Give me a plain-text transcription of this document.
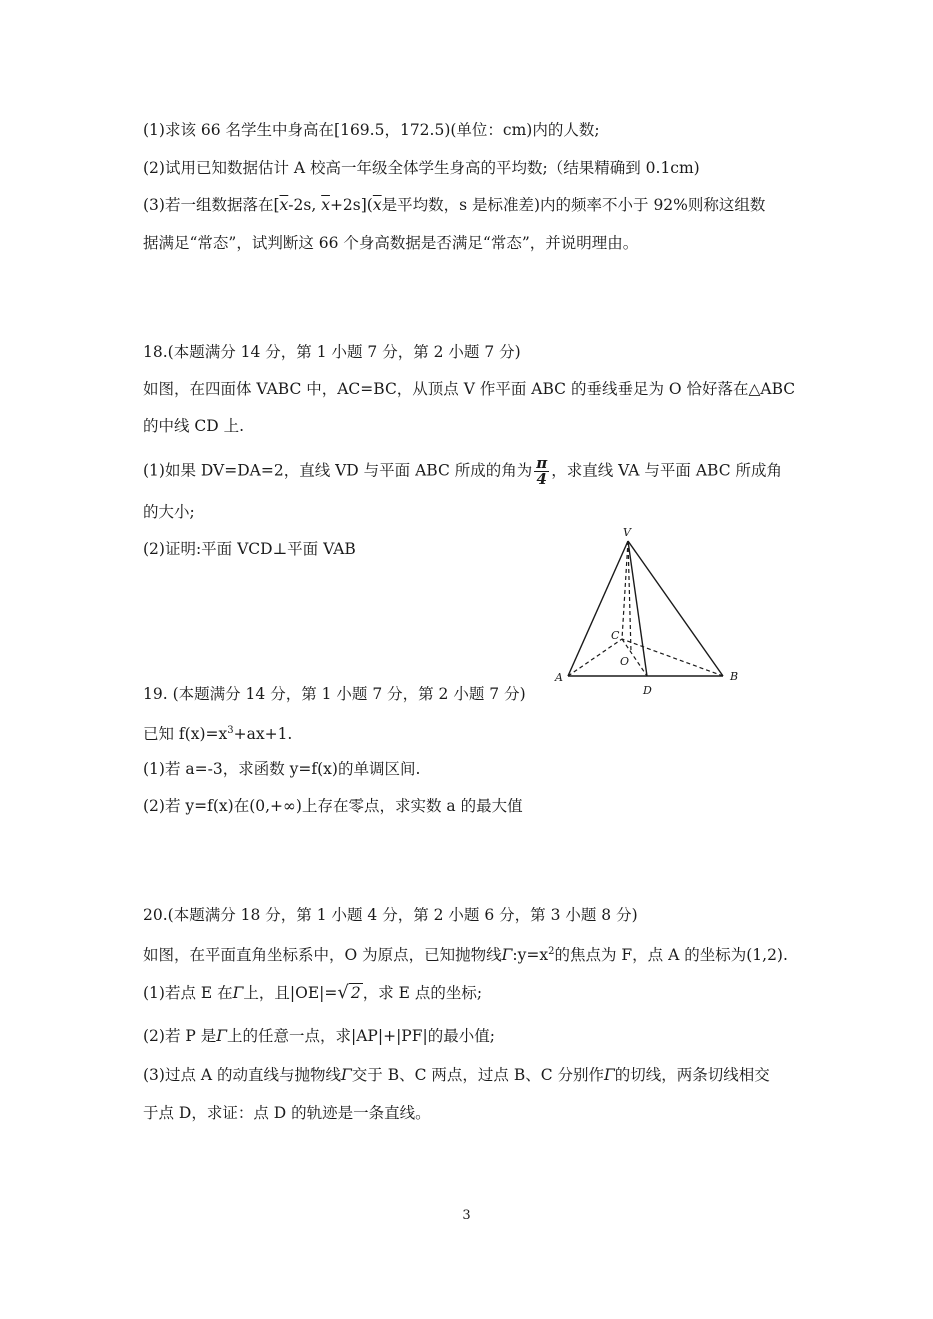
(1)求该 66 名学生中身高在[169.5，172.5)(单位：cm)内的人数;
(2)试用已知数据估计 A 校高一年级全体学生身高的平均数;（结果精确到 0.1cm)
(3)若一组数据落在[$\overline{x}-2s$, $\overline{x}+2s](\overline{x}$是平均数，s 是标准差)内的频率不小于 92%则称这组数
据满足“常态”，试判断这 66 个身高数据是否满足“常态”，并说明理由。
18.(本题满分 14 分，第 1 小题 7 分，第 2 小题 7 分)
如图，在四面体 VABC 中，AC=BC，从顶点 V 作平面 ABC 的垂线垂足为 O 恰好落在△ABC
的中线 CD 上.
(1)如果 DV=DA=2，直线 VD 与平面 ABC 所成的角为 $\frac{\pi}{4}$ ，求直线 VA 与平面 ABC 所成角
的大小;
(2)证明:平面 VCD⊥平面 VAB
V
A	B
C
D
O
19. (本题满分 14 分，第 1 小题 7 分，第 2 小题 7 分)
已知 $f(x)=x^3+ax+1$.
(1)若 a=-3，求函数 y=f(x)的单调区间.
(2)若 y=f(x)在(0,+∞)上存在零点，求实数 a 的最大值
20.(本题满分 18 分，第 1 小题 4 分，第 2 小题 6 分，第 3 小题 8 分)
如图，在平面直角坐标系中，O 为原点，已知抛物线$\Gamma:y=x^2$的焦点为 F，点 A 的坐标为(1,2).
(1)若点 E 在Γ上，且|OE|=√ 2 ，求 E 点的坐标;
(2)若 P 是Γ上的任意一点，求|AP|+|PF|的最小值;
(3)过点 A 的动直线与抛物线Γ交于 B、C 两点，过点 B、C 分别作Γ的切线，两条切线相交
于点 D，求证：点 D 的轨迹是一条直线。
3
